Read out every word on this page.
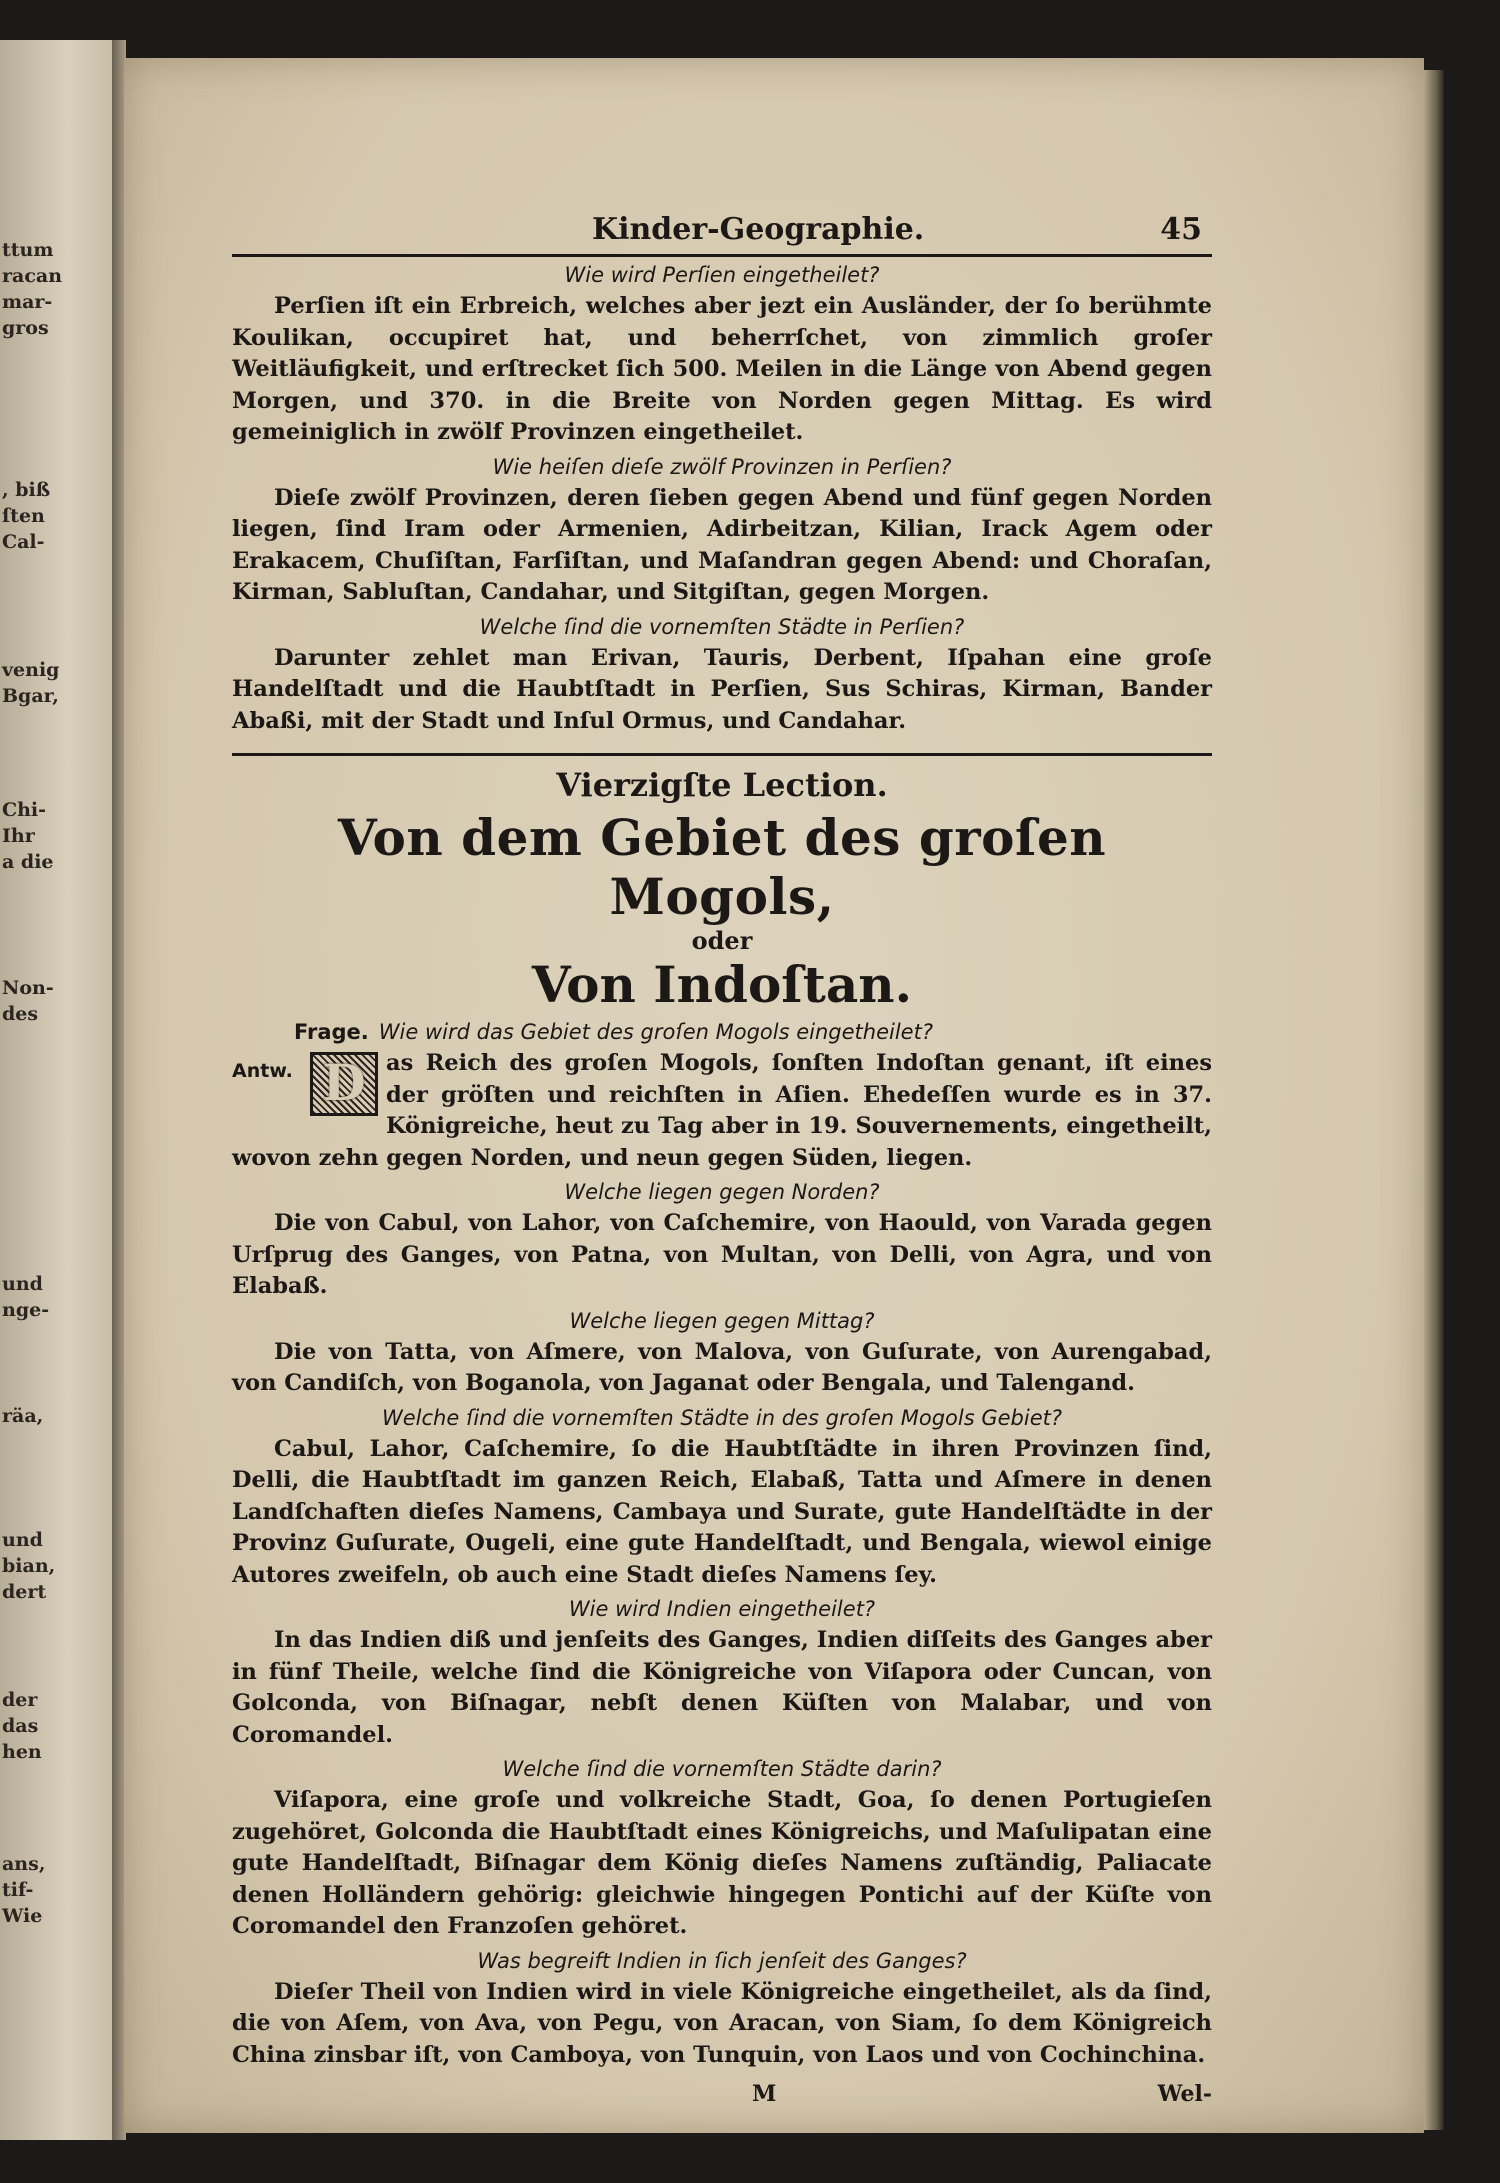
ttum
racan
mar-
gros
, biß
ſten
Cal-
venig
Bgar,
Chi-
Ihr
a die
Non-
des
und
nge-
räa,
und
bian,
dert
der
das
hen
ans,
tif-
Wie
Kinder-Geographie.	45
Wie wird Perſien eingetheilet?

Perſien iſt ein Erbreich, welches aber jezt ein Ausländer, der ſo berühmte Koulikan, occupiret hat, und beherrſchet, von zimmlich groſer Weitläufigkeit, und erſtrecket ſich 500. Meilen in die Länge von Abend gegen Morgen, und 370. in die Breite von Norden gegen Mittag. Es wird gemeiniglich in zwölf Provinzen eingetheilet.

Wie heiſen dieſe zwölf Provinzen in Perſien?

Dieſe zwölf Provinzen, deren ſieben gegen Abend und fünf gegen Norden liegen, ſind Iram oder Armenien, Adirbeitzan, Kilian, Irack Agem oder Erakacem, Chuſiſtan, Farſiſtan, und Maſandran gegen Abend: und Choraſan, Kirman, Sabluſtan, Candahar, und Sitgiſtan, gegen Morgen.

Welche ſind die vornemſten Städte in Perſien?

Darunter zehlet man Erivan, Tauris, Derbent, Iſpahan eine groſe Handelſtadt und die Haubtſtadt in Perſien, Sus Schiras, Kirman, Bander Abaßi, mit der Stadt und Inſul Ormus, und Candahar.

Vierzigſte Lection.
Von dem Gebiet des groſen Mogols,
oder
Von Indoſtan.
Frage. Wie wird das Gebiet des groſen Mogols eingetheilet?
Antw. D as Reich des groſen Mogols, ſonſten Indoſtan genant, iſt eines der gröſten und reichſten in Aſien. Ehedeſſen wurde es in 37. Königreiche, heut zu Tag aber in 19. Souvernements, eingetheilt, wovon zehn gegen Norden, und neun gegen Süden, liegen.
Welche liegen gegen Norden?

Die von Cabul, von Lahor, von Caſchemire, von Haould, von Varada gegen Urſprug des Ganges, von Patna, von Multan, von Delli, von Agra, und von Elabaß.

Welche liegen gegen Mittag?

Die von Tatta, von Aſmere, von Malova, von Guſurate, von Aurengabad, von Candiſch, von Boganola, von Jaganat oder Bengala, und Talengand.

Welche ſind die vornemſten Städte in des groſen Mogols Gebiet?

Cabul, Lahor, Caſchemire, ſo die Haubtſtädte in ihren Provinzen ſind, Delli, die Haubtſtadt im ganzen Reich, Elabaß, Tatta und Aſmere in denen Landſchaften dieſes Namens, Cambaya und Surate, gute Handelſtädte in der Provinz Guſurate, Ougeli, eine gute Handelſtadt, und Bengala, wiewol einige Autores zweifeln, ob auch eine Stadt dieſes Namens ſey.

Wie wird Indien eingetheilet?

In das Indien diß und jenſeits des Ganges, Indien diſſeits des Ganges aber in fünf Theile, welche ſind die Königreiche von Viſapora oder Cuncan, von Golconda, von Biſnagar, nebſt denen Küſten von Malabar, und von Coromandel.

Welche ſind die vornemſten Städte darin?

Viſapora, eine groſe und volkreiche Stadt, Goa, ſo denen Portugieſen zugehöret, Golconda die Haubtſtadt eines Königreichs, und Maſulipatan eine gute Handelſtadt, Biſnagar dem König dieſes Namens zuſtändig, Paliacate denen Holländern gehörig: gleichwie hingegen Pontichi auf der Küſte von Coromandel den Franzoſen gehöret.

Was begreift Indien in ſich jenſeit des Ganges?

Dieſer Theil von Indien wird in viele Königreiche eingetheilet, als da ſind, die von Aſem, von Ava, von Pegu, von Aracan, von Siam, ſo dem Königreich China zinsbar iſt, von Camboya, von Tunquin, von Laos und von Cochinchina.

M	Wel-
